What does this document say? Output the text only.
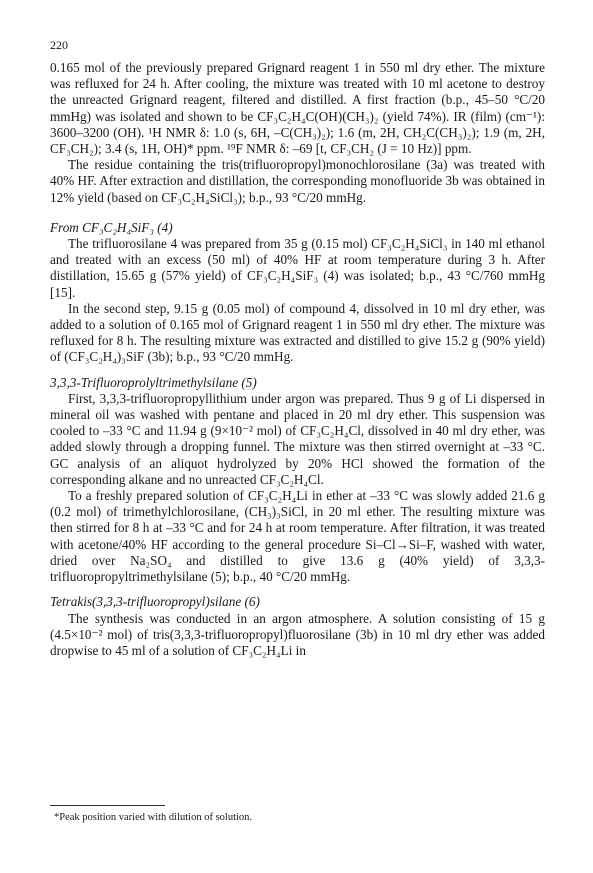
220

0.165 mol of the previously prepared Grignard reagent 1 in 550 ml dry ether. The mixture was refluxed for 24 h. After cooling, the mixture was treated with 10 ml acetone to destroy the unreacted Grignard reagent, filtered and distilled. A first fraction (b.p., 45–50 °C/20 mmHg) was isolated and shown to be CF₃C₂H₄C(OH)(CH₃)₂ (yield 74%). IR (film) (cm⁻¹): 3600–3200 (OH). ¹H NMR δ: 1.0 (s, 6H, –C(CH₃)₂); 1.6 (m, 2H, CH₂C(CH₃)₂); 1.9 (m, 2H, CF₃CH₂); 3.4 (s, 1H, OH)* ppm. ¹⁹F NMR δ: –69 [t, CF₃CH₂ (J = 10 Hz)] ppm.

The residue containing the tris(trifluoropropyl)monochlorosilane (3a) was treated with 40% HF. After extraction and distillation, the corresponding monofluoride 3b was obtained in 12% yield (based on CF₃C₂H₄SiCl₃); b.p., 93 °C/20 mmHg.

From CF₃C₂H₄SiF₃ (4)

The trifluorosilane 4 was prepared from 35 g (0.15 mol) CF₃C₂H₄SiCl₃ in 140 ml ethanol and treated with an excess (50 ml) of 40% HF at room temperature during 3 h. After distillation, 15.65 g (57% yield) of CF₃C₂H₄SiF₃ (4) was isolated; b.p., 43 °C/760 mmHg [15].

In the second step, 9.15 g (0.05 mol) of compound 4, dissolved in 10 ml dry ether, was added to a solution of 0.165 mol of Grignard reagent 1 in 550 ml dry ether. The mixture was refluxed for 8 h. The resulting mixture was extracted and distilled to give 15.2 g (90% yield) of (CF₃C₂H₄)₃SiF (3b); b.p., 93 °C/20 mmHg.

3,3,3-Trifluoroprolyltrimethylsilane (5)

First, 3,3,3-trifluoropropyllithium under argon was prepared. Thus 9 g of Li dispersed in mineral oil was washed with pentane and placed in 20 ml dry ether. This suspension was cooled to –33 °C and 11.94 g (9×10⁻² mol) of CF₃C₂H₄Cl, dissolved in 40 ml dry ether, was added slowly through a dropping funnel. The mixture was then stirred overnight at –33 °C. GC analysis of an aliquot hydrolyzed by 20% HCl showed the formation of the corresponding alkane and no unreacted CF₃C₂H₄Cl.

To a freshly prepared solution of CF₃C₂H₄Li in ether at –33 °C was slowly added 21.6 g (0.2 mol) of trimethylchlorosilane, (CH₃)₃SiCl, in 20 ml ether. The resulting mixture was then stirred for 8 h at –33 °C and for 24 h at room temperature. After filtration, it was treated with acetone/40% HF according to the general procedure Si–Cl→Si–F, washed with water, dried over Na₂SO₄ and distilled to give 13.6 g (40% yield) of 3,3,3-trifluoropropyltrimethylsilane (5); b.p., 40 °C/20 mmHg.

Tetrakis(3,3,3-trifluoropropyl)silane (6)

The synthesis was conducted in an argon atmosphere. A solution consisting of 15 g (4.5×10⁻² mol) of tris(3,3,3-trifluoropropyl)fluorosilane (3b) in 10 ml dry ether was added dropwise to 45 ml of a solution of CF₃C₂H₄Li in

*Peak position varied with dilution of solution.
